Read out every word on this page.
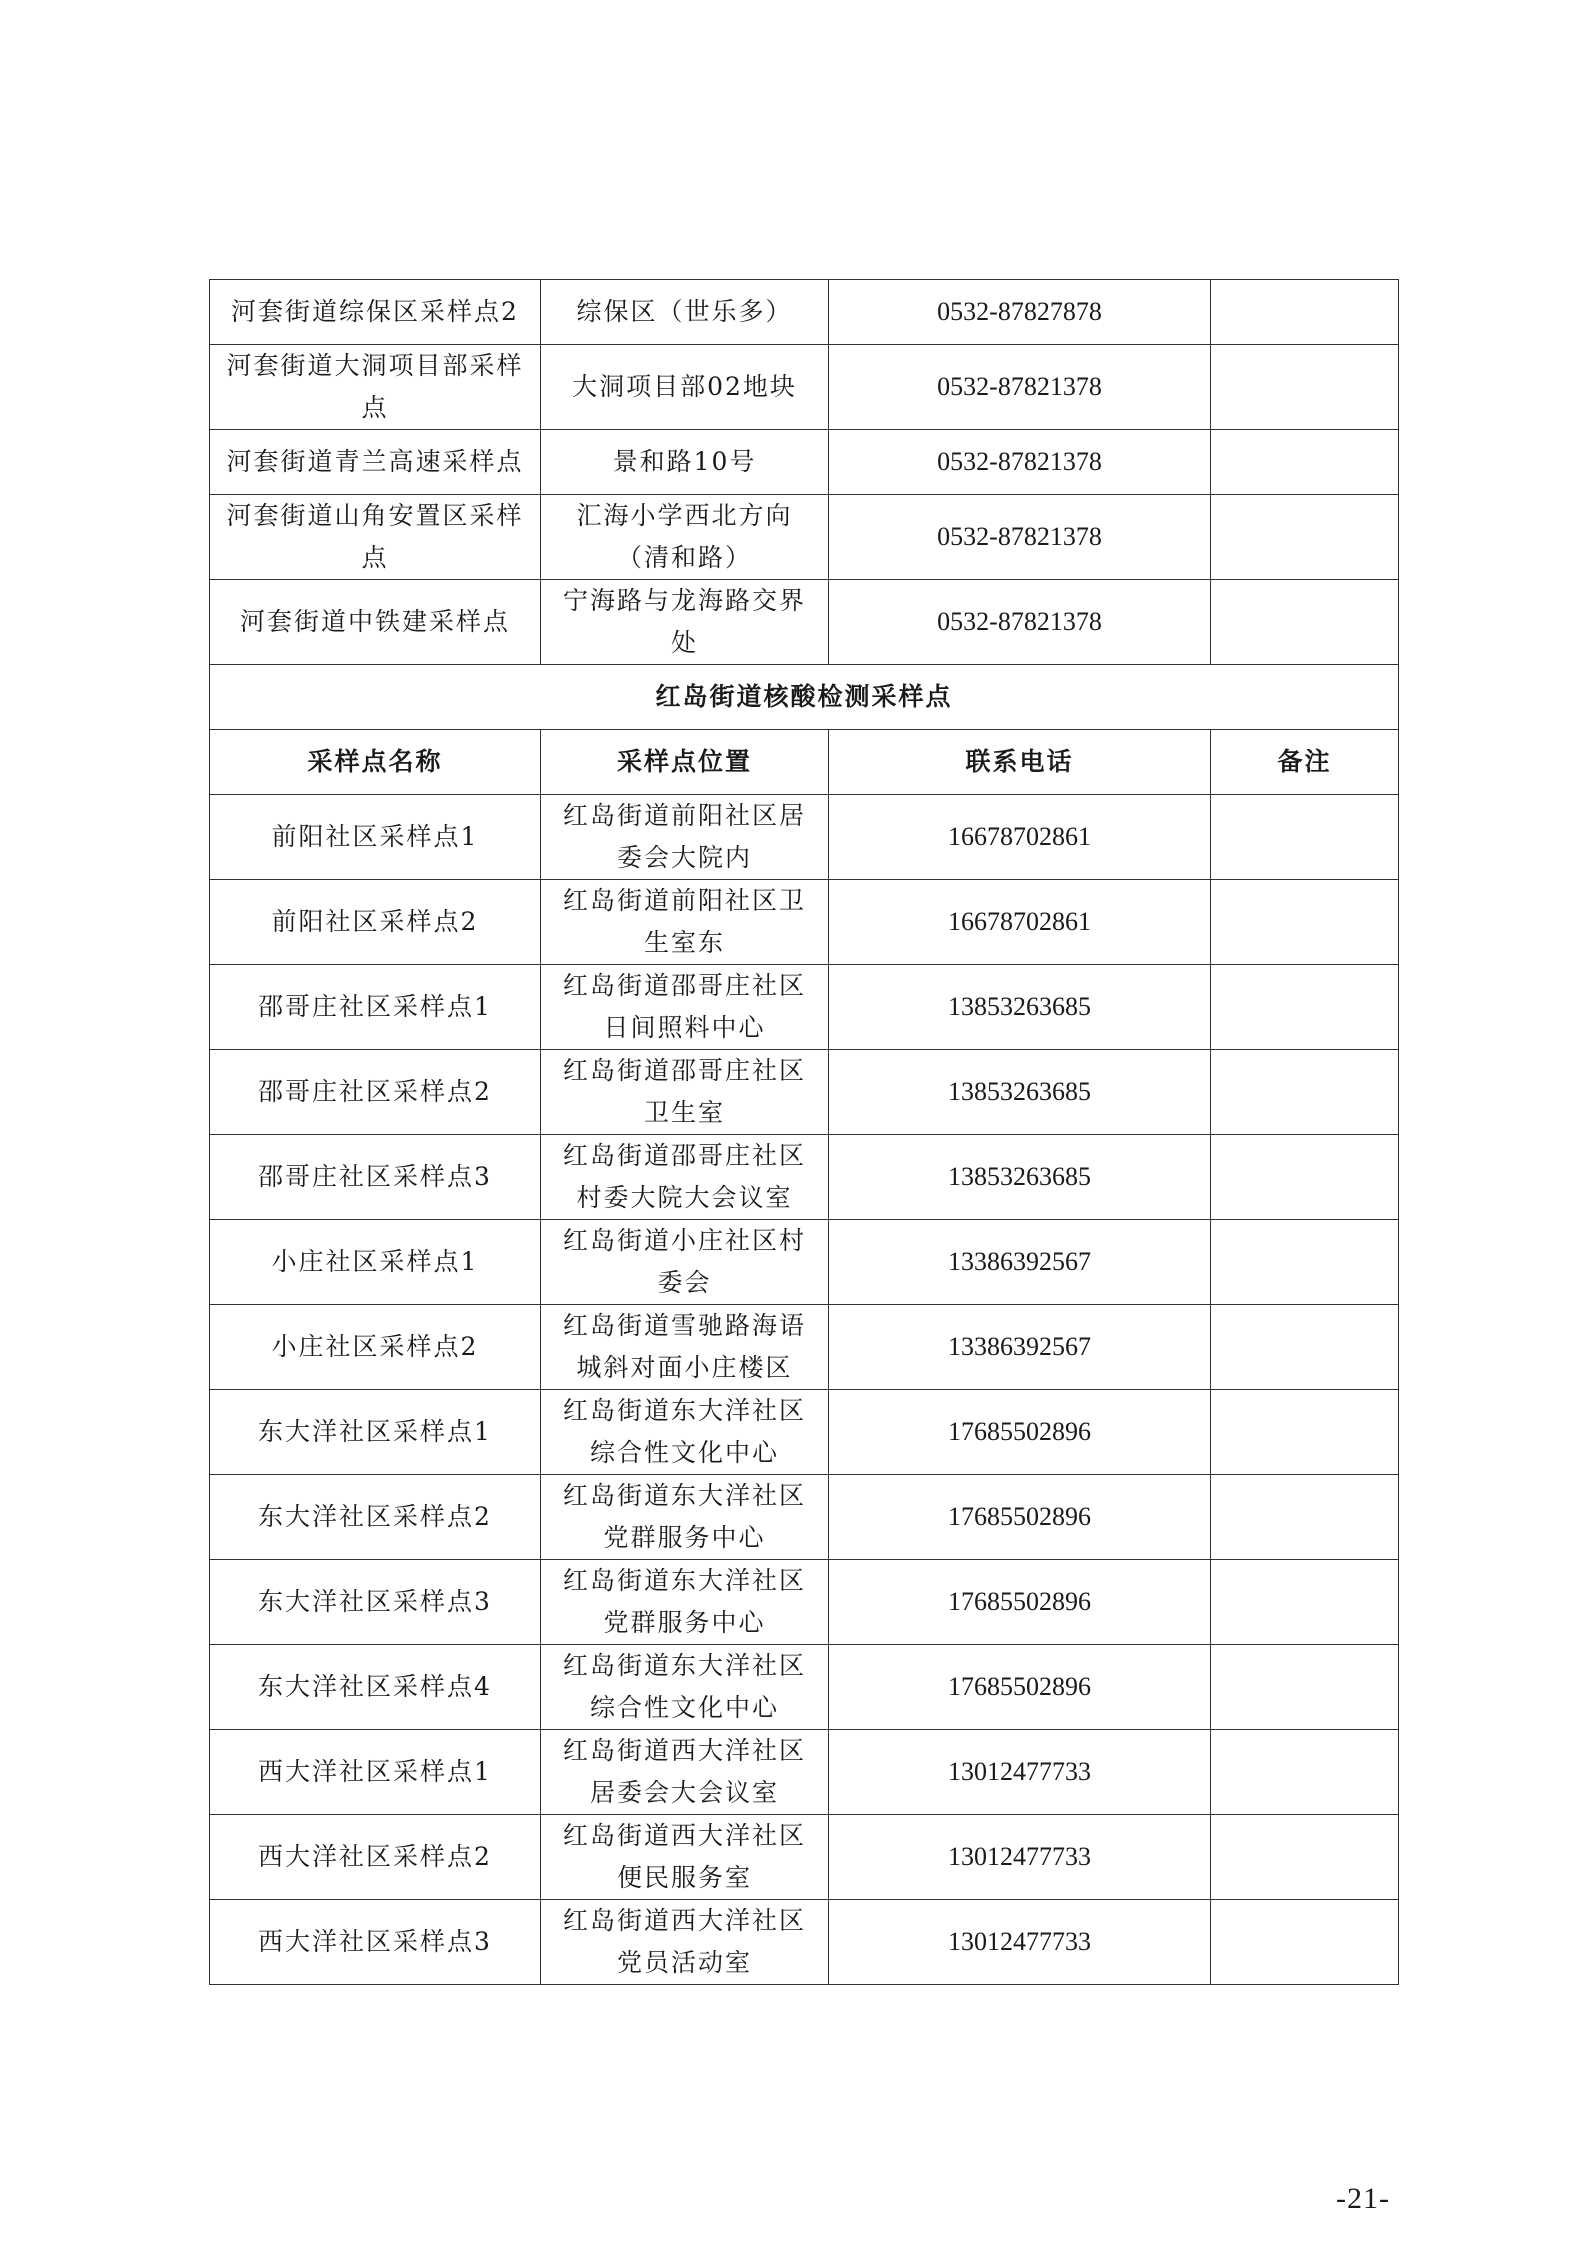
河套街道综保区采样点2	综保区（世乐多）	0532-87827878	
河套街道大洞项目部采样点	大洞项目部02地块	0532-87821378	
河套街道青兰高速采样点	景和路10号	0532-87821378	
河套街道山角安置区采样点	汇海小学西北方向（清和路）	0532-87821378	
河套街道中铁建采样点	宁海路与龙海路交界处	0532-87821378	
红岛街道核酸检测采样点			
采样点名称	采样点位置	联系电话	备注
前阳社区采样点1	红岛街道前阳社区居委会大院内	16678702861	
前阳社区采样点2	红岛街道前阳社区卫生室东	16678702861	
邵哥庄社区采样点1	红岛街道邵哥庄社区日间照料中心	13853263685	
邵哥庄社区采样点2	红岛街道邵哥庄社区卫生室	13853263685	
邵哥庄社区采样点3	红岛街道邵哥庄社区村委大院大会议室	13853263685	
小庄社区采样点1	红岛街道小庄社区村委会	13386392567	
小庄社区采样点2	红岛街道雪驰路海语城斜对面小庄楼区	13386392567	
东大洋社区采样点1	红岛街道东大洋社区综合性文化中心	17685502896	
东大洋社区采样点2	红岛街道东大洋社区党群服务中心	17685502896	
东大洋社区采样点3	红岛街道东大洋社区党群服务中心	17685502896	
东大洋社区采样点4	红岛街道东大洋社区综合性文化中心	17685502896	
西大洋社区采样点1	红岛街道西大洋社区居委会大会议室	13012477733	
西大洋社区采样点2	红岛街道西大洋社区便民服务室	13012477733	
西大洋社区采样点3	红岛街道西大洋社区党员活动室	13012477733	
-21-
